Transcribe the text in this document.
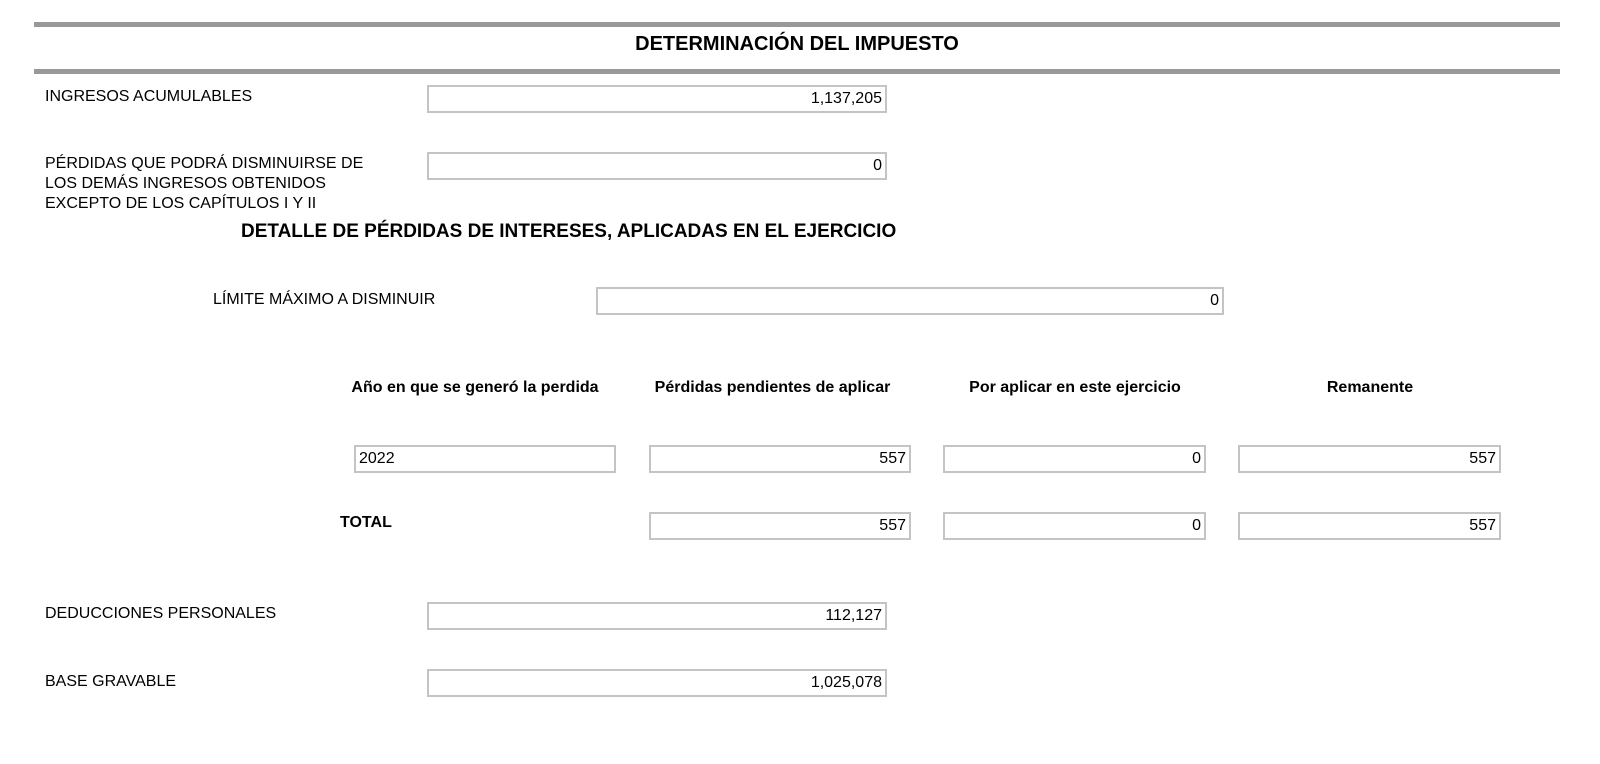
DETERMINACIÓN DEL IMPUESTO
INGRESOS ACUMULABLES	1,137,205
PÉRDIDAS QUE PODRÁ DISMINUIRSE DE
LOS DEMÁS INGRESOS OBTENIDOS
EXCEPTO DE LOS CAPÍTULOS I Y II
0
DETALLE DE PÉRDIDAS DE INTERESES, APLICADAS EN EL EJERCICIO
LÍMITE MÁXIMO A DISMINUIR	0
Año en que se generó la perdida	Pérdidas pendientes de aplicar	Por aplicar en este ejercicio	Remanente
2022	557	0	557
TOTAL	557	0	557
DEDUCCIONES PERSONALES	112,127
BASE GRAVABLE	1,025,078
